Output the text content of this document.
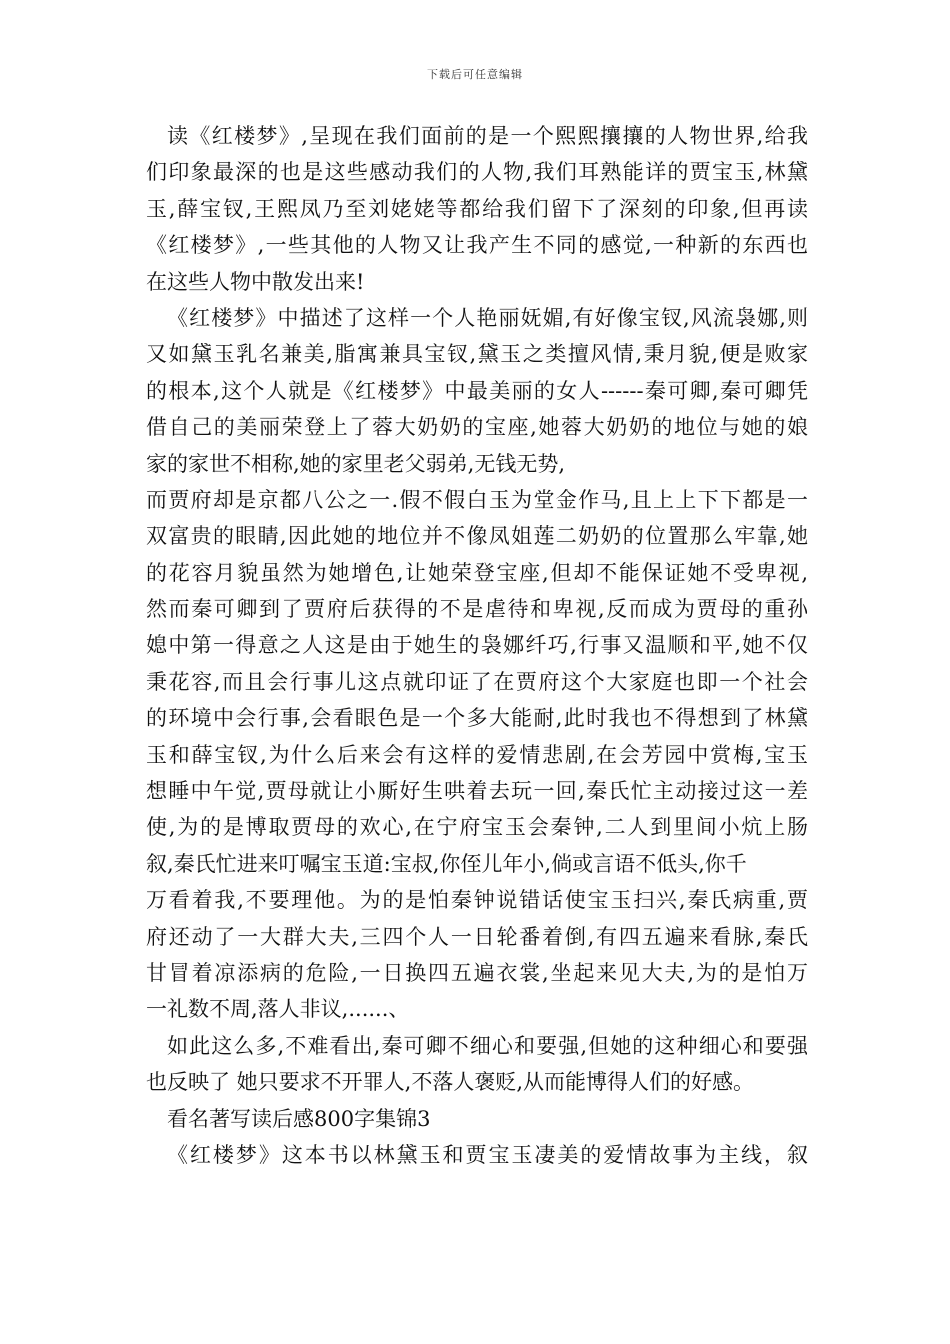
下载后可任意编辑
读《红楼梦》,呈现在我们面前的是一个熙熙攘攘的人物世界,给我
们印象最深的也是这些感动我们的人物,我们耳熟能详的贾宝玉,林黛
玉,薛宝钗,王熙凤乃至刘姥姥等都给我们留下了深刻的印象,但再读
《红楼梦》,一些其他的人物又让我产生不同的感觉,一种新的东西也
在这些人物中散发出来!
《红楼梦》中描述了这样一个人艳丽妩媚,有好像宝钗,风流袅娜,则
又如黛玉乳名兼美,脂寓兼具宝钗,黛玉之类擅风情,秉月貌,便是败家
的根本,这个人就是《红楼梦》中最美丽的女人------秦可卿,秦可卿凭
借自己的美丽荣登上了蓉大奶奶的宝座,她蓉大奶奶的地位与她的娘
家的家世不相称,她的家里老父弱弟,无钱无势,
而贾府却是京都八公之一.假不假白玉为堂金作马,且上上下下都是一
双富贵的眼睛,因此她的地位并不像凤姐莲二奶奶的位置那么牢靠,她
的花容月貌虽然为她增色,让她荣登宝座,但却不能保证她不受卑视,
然而秦可卿到了贾府后获得的不是虐待和卑视,反而成为贾母的重孙
媳中第一得意之人这是由于她生的袅娜纤巧,行事又温顺和平,她不仅
秉花容,而且会行事儿这点就印证了在贾府这个大家庭也即一个社会
的环境中会行事,会看眼色是一个多大能耐,此时我也不得想到了林黛
玉和薛宝钗,为什么后来会有这样的爱情悲剧,在会芳园中赏梅,宝玉
想睡中午觉,贾母就让小厮好生哄着去玩一回,秦氏忙主动接过这一差
使,为的是博取贾母的欢心,在宁府宝玉会秦钟,二人到里间小炕上肠
叙,秦氏忙进来叮嘱宝玉道:宝叔,你侄儿年小,倘或言语不低头,你千
万看着我,不要理他。为的是怕秦钟说错话使宝玉扫兴,秦氏病重,贾
府还动了一大群大夫,三四个人一日轮番着倒,有四五遍来看脉,秦氏
甘冒着凉添病的危险,一日换四五遍衣裳,坐起来见大夫,为的是怕万
一礼数不周,落人非议,......、
如此这么多,不难看出,秦可卿不细心和要强,但她的这种细心和要强
也反映了 她只要求不开罪人,不落人褒贬,从而能博得人们的好感。
看名著写读后感800字集锦3
《红楼梦》这本书以林黛玉和贾宝玉凄美的爱情故事为主线，叙
